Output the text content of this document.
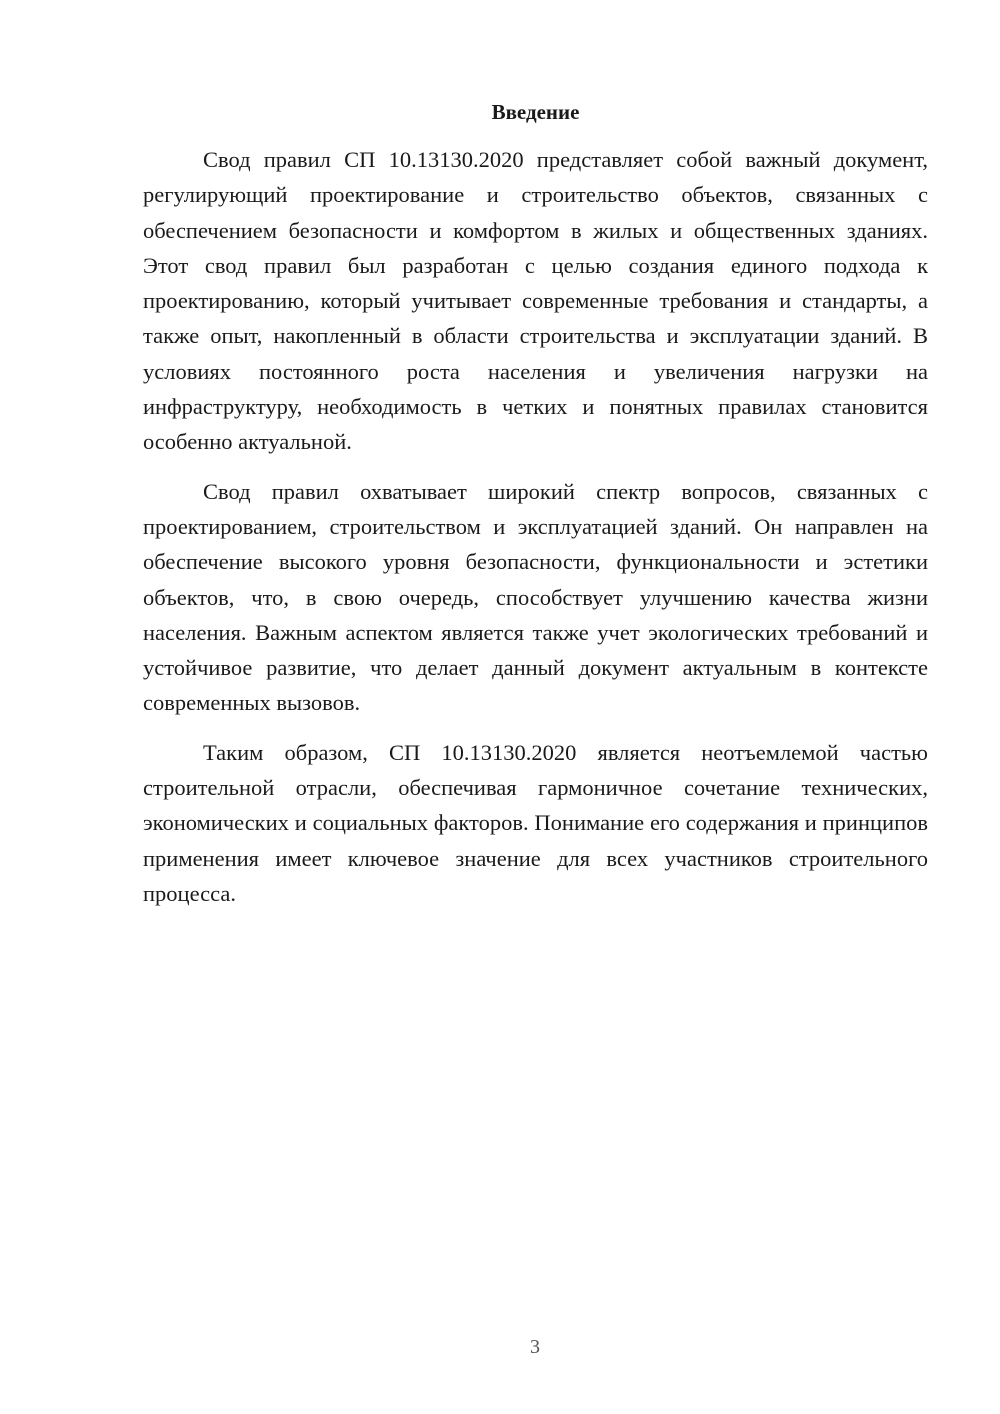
Введение

Свод правил СП 10.13130.2020 представляет собой важный документ, регулирующий проектирование и строительство объектов, связанных с обеспечением безопасности и комфортом в жилых и общественных зданиях. Этот свод правил был разработан с целью создания единого подхода к проектированию, который учитывает современные требования и стандарты, а также опыт, накопленный в области строительства и эксплуатации зданий. В условиях постоянного роста населения и увеличения нагрузки на инфраструктуру, необходимость в четких и понятных правилах становится особенно актуальной.

Свод правил охватывает широкий спектр вопросов, связанных с проектированием, строительством и эксплуатацией зданий. Он направлен на обеспечение высокого уровня безопасности, функциональности и эстетики объектов, что, в свою очередь, способствует улучшению качества жизни населения. Важным аспектом является также учет экологических требований и устойчивое развитие, что делает данный документ актуальным в контексте современных вызовов.

Таким образом, СП 10.13130.2020 является неотъемлемой частью строительной отрасли, обеспечивая гармоничное сочетание технических, экономических и социальных факторов. Понимание его содержания и принципов применения имеет ключевое значение для всех участников строительного процесса.

3
